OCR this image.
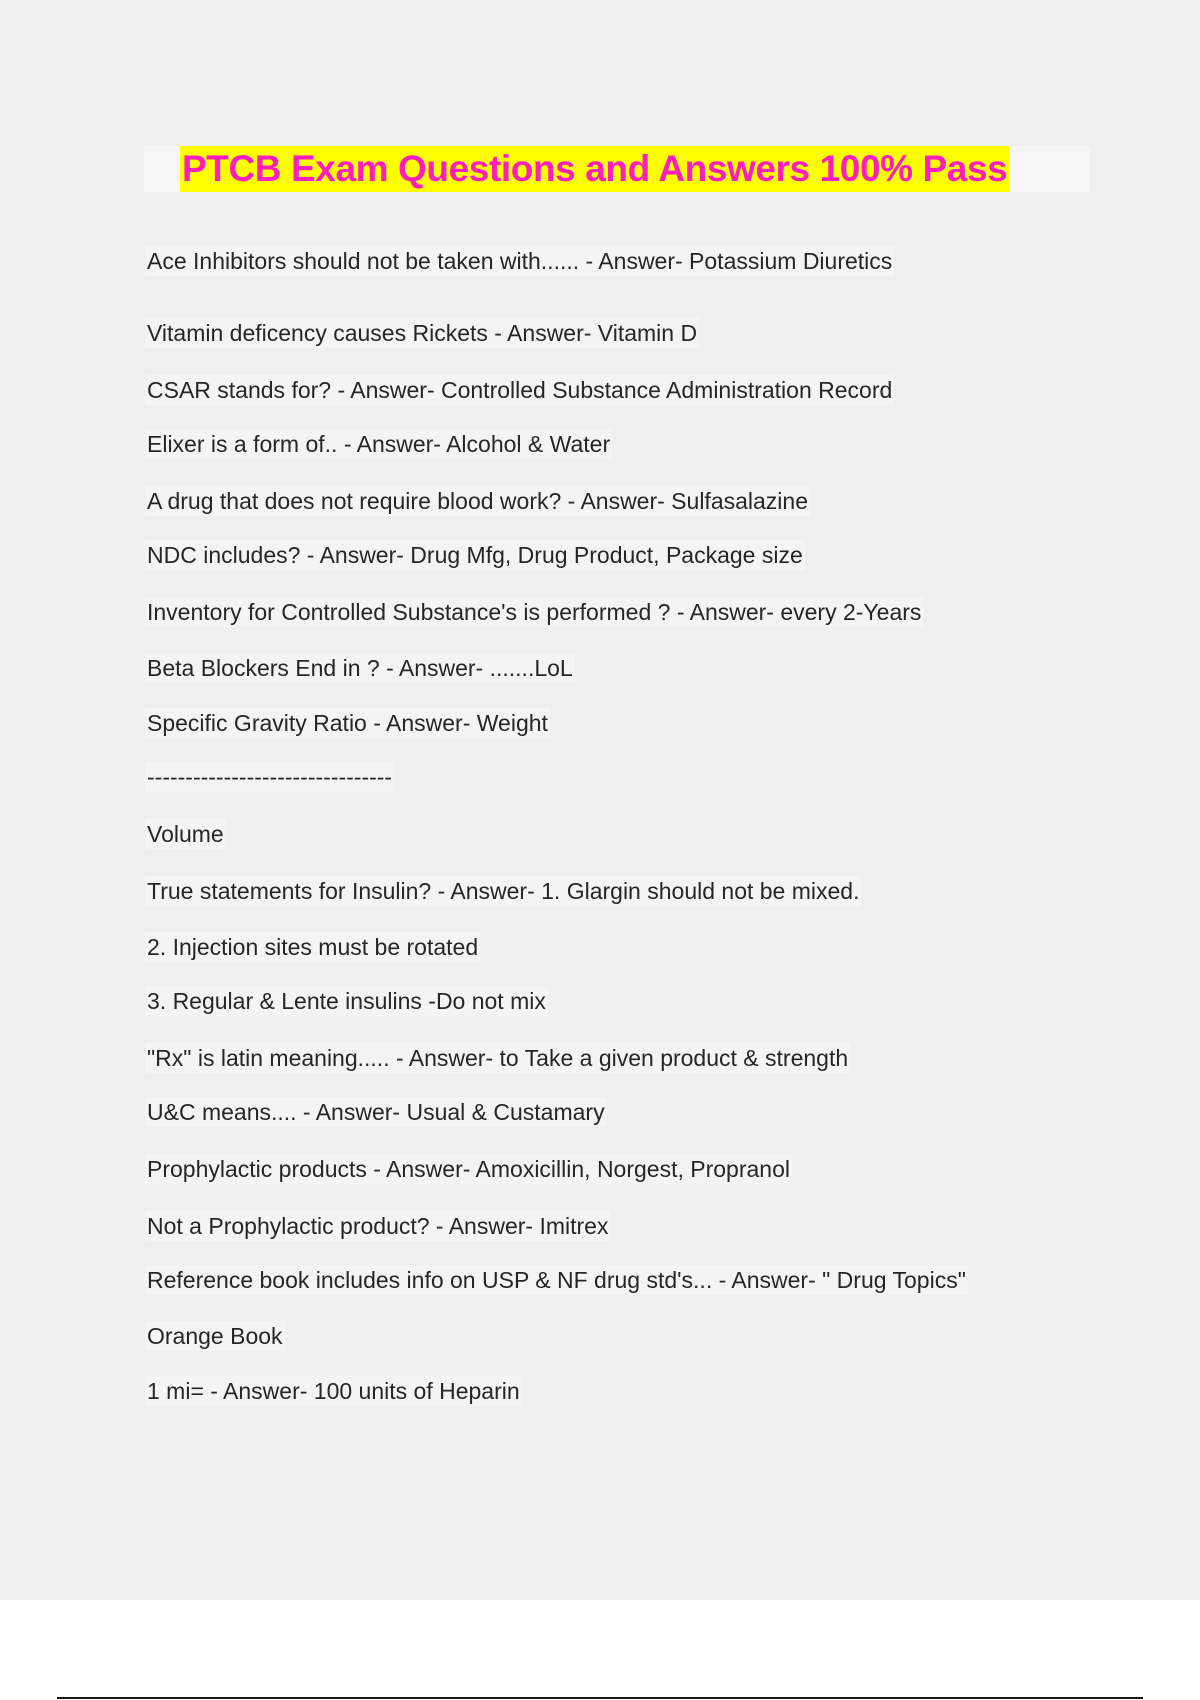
PTCB Exam Questions and Answers 100% Pass
Ace Inhibitors should not be taken with...... - Answer- Potassium Diuretics
Vitamin deficency causes Rickets - Answer- Vitamin D
CSAR stands for? - Answer- Controlled Substance Administration Record
Elixer is a form of.. - Answer- Alcohol & Water
A drug that does not require blood work? - Answer- Sulfasalazine
NDC includes? - Answer- Drug Mfg, Drug Product, Package size
Inventory for Controlled Substance's is performed ? - Answer- every 2-Years
Beta Blockers End in ? - Answer- .......LoL
Specific Gravity Ratio - Answer- Weight
--------------------------------
Volume
True statements for Insulin? - Answer- 1. Glargin should not be mixed.
2. Injection sites must be rotated
3. Regular & Lente insulins -Do not mix
"Rx" is latin meaning..... - Answer- to Take a given product & strength
U&C means.... - Answer- Usual & Custamary
Prophylactic products - Answer- Amoxicillin, Norgest, Propranol
Not a Prophylactic product? - Answer- Imitrex
Reference book includes info on USP & NF drug std's... - Answer- " Drug Topics"
Orange Book
1 mi= - Answer- 100 units of Heparin
